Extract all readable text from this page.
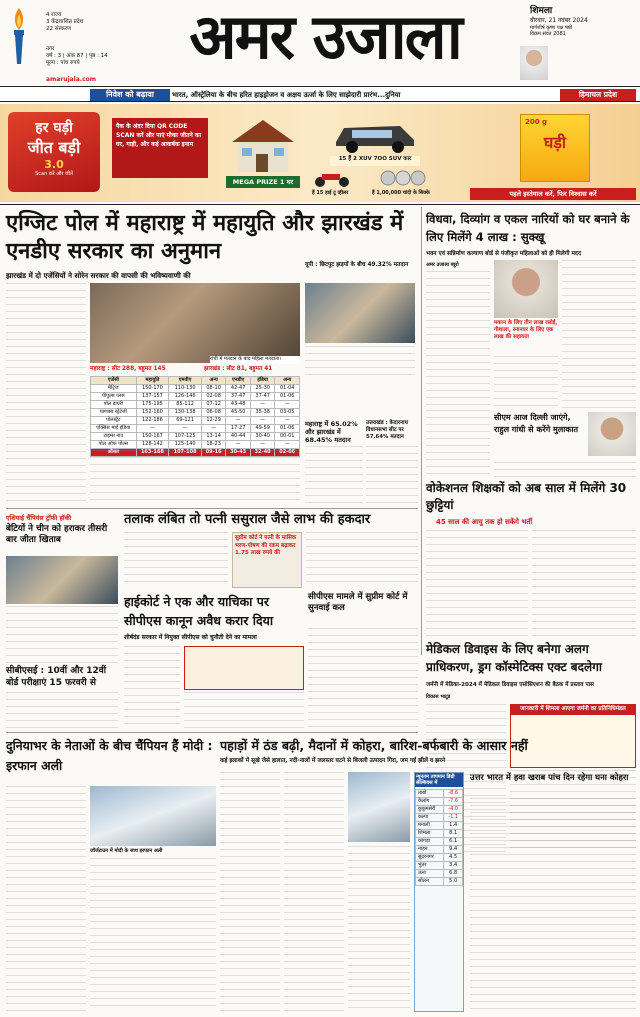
4 राज्य
3 केंद्रशासित प्रदेश
22 संस्करण
नगर
वर्ष : 3 | अंक 87 | पृष्ठ : 14
मूल्य : पांच रुपये	अमर उजाला	शिमला
वीरवार, 21 नवंबर 2024
मार्गशीर्ष कृष्ण पक्ष षष्ठी
विक्रम संवत 2081
amarujala.com
निवेश को बढ़ावा	भारत, ऑस्ट्रेलिया के बीच हरित हाइड्रोजन व अक्षय ऊर्जा के लिए साझेदारी प्रारंभ...दुनिया	हिमाचल प्रदेश
हर घड़ी
जीत बड़ी
3.0
Scan करें और जीतें
पैक के अंदर दिया QR CODE SCAN करें और पाएं मौका जीतने का घर, गाड़ी, और कई आकर्षक इनाम
MEGA PRIZE 1 घर
15 हैं 2 XUV 7OO SUV कार
हैं 15 हाई टू व्हीलर	हैं 1,00,000 चांदी के सिक्के
200 g
घड़ी
पहले इस्तेमाल करें, फिर विश्वास करें
एग्जिट पोल में महाराष्ट्र में महायुति और झारखंड में एनडीए सरकार का अनुमान
झारखंड में दो एजेंसियों ने सोरेन सरकार की वापसी की भविष्यवाणी की
रांची में मतदान के बाद महिला मतदाता।
यूपी : छिटपुट झड़पों के बीच 49.32% मतदान
महाराष्ट्र : सीट 288, बहुमत 145	झारखंड : सीट 81, बहुमत 41
एजेंसी	महायुति	एमवीए	अन्य	एनडीए	इंडिया	अन्य
मैट्रिज	150-170	110-130	08-10	42-47	25-30	01-04
पीपुल्स प्लस	137-157	126-146	02-08	37-47	37-47	01-06
पोल डायरी	175-195	85-112	07-12	43-48	—	—
चाणक्य स्ट्रेटेजी	152-160	130-138	06-08	45-50	35-38	03-05
पोलस्ट्रैट	122-186	69-121	12-29	—	—	—
एक्सिस माई इंडिया	—	—	—	17-27	49-59	01-06
टाइम्स नाउ	150-167	107-125	13-14	40-44	30-40	00-01
पोल ऑफ पोल्स	128-142	125-140	18-23	—	—	—
औसत	163-168	107-108	09-16	30-43	32-40	02-06
महाराष्ट्र में 65.02% और झारखंड में 68.45% मतदान
उत्तराखंड : केदारनाथ विधानसभा सीट पर 57.64% मतदान
एशियाई चैंपियंस ट्रॉफी हॉकी
बेटियों ने चीन को हराकर तीसरी बार जीता खिताब
सीबीएसई : 10वीं और 12वीं बोर्ड परीक्षाएं 15 फरवरी से
तलाक लंबित तो पत्नी ससुराल जैसे लाभ की हकदार
सुप्रीम कोर्ट ने पत्नी के मासिक भरण-पोषण की रकम बढ़ाकर 1.75 लाख रुपये की
हाईकोर्ट ने एक और याचिका पर सीपीएस कानून अवैध करार दिया
शीर्षदंड सरकार में नियुक्त सीपीएस को चुनौती देने का मामला
सीपीएस मामले में सुप्रीम कोर्ट में सुनवाई कल
विधवा, दिव्यांग व एकल नारियों को घर बनाने के लिए मिलेंगे 4 लाख : सुक्खू
भवन एवं सन्निर्माण कल्याण बोर्ड से पंजीकृत महिलाओं को ही मिलेगी मदद
अमर उजाला ब्यूरो
मकान के लिए तीन लाख रसोई, गौशाला, स्नानघर के लिए एक लाख की सहायता
सीएम आज दिल्ली जाएंगे, राहुल गांधी से करेंगे मुलाकात
वोकेशनल शिक्षकों को अब साल में मिलेंगे 30 छुट्टियां
45 साल की आयु तक हो सकेंगे भर्ती
मेडिकल डिवाइस के लिए बनेगा अलग प्राधिकरण, ड्रग कॉस्मेटिक्स एक्ट बदलेगा
जर्मनी में मेडिका-2024 में मेडिकल डिवाइस एसोसिएशन की बैठक में प्रस्ताव पास
विकास भाटूड
जानकारी में शिमला आएगा जर्मनी का प्रतिनिधिमंडल
दुनियाभर के नेताओं के बीच चैंपियन हैं मोदी : इरफान अली
जॉर्जटाउन में मोदी के साथ इरफान अली
पहाड़ों में ठंड बढ़ी, मैदानों में कोहरा, बारिश-बर्फबारी के आसार नहीं
कई इलाकों में सूखे जैसे हालात, नदी-नालों में जलस्तर घटने से बिजली उत्पादन गिरा, जम गईं झीलें व झरने
न्यूनतम तापमान डिग्री सेल्सियस में
ताबो	-8.6
केलांग	-7.6
कुकुमसेरी	-4.0
कल्पा	-1.1
मनाली	1.4
शिमला	8.1
कांगड़ा	6.1
नाहन	9.4
सुंदरनगर	4.5
भुंतर	3.4
ऊना	6.8
सोलन	5.0
उत्तर भारत में हवा खराब पांच दिन रहेगा घना कोहरा
